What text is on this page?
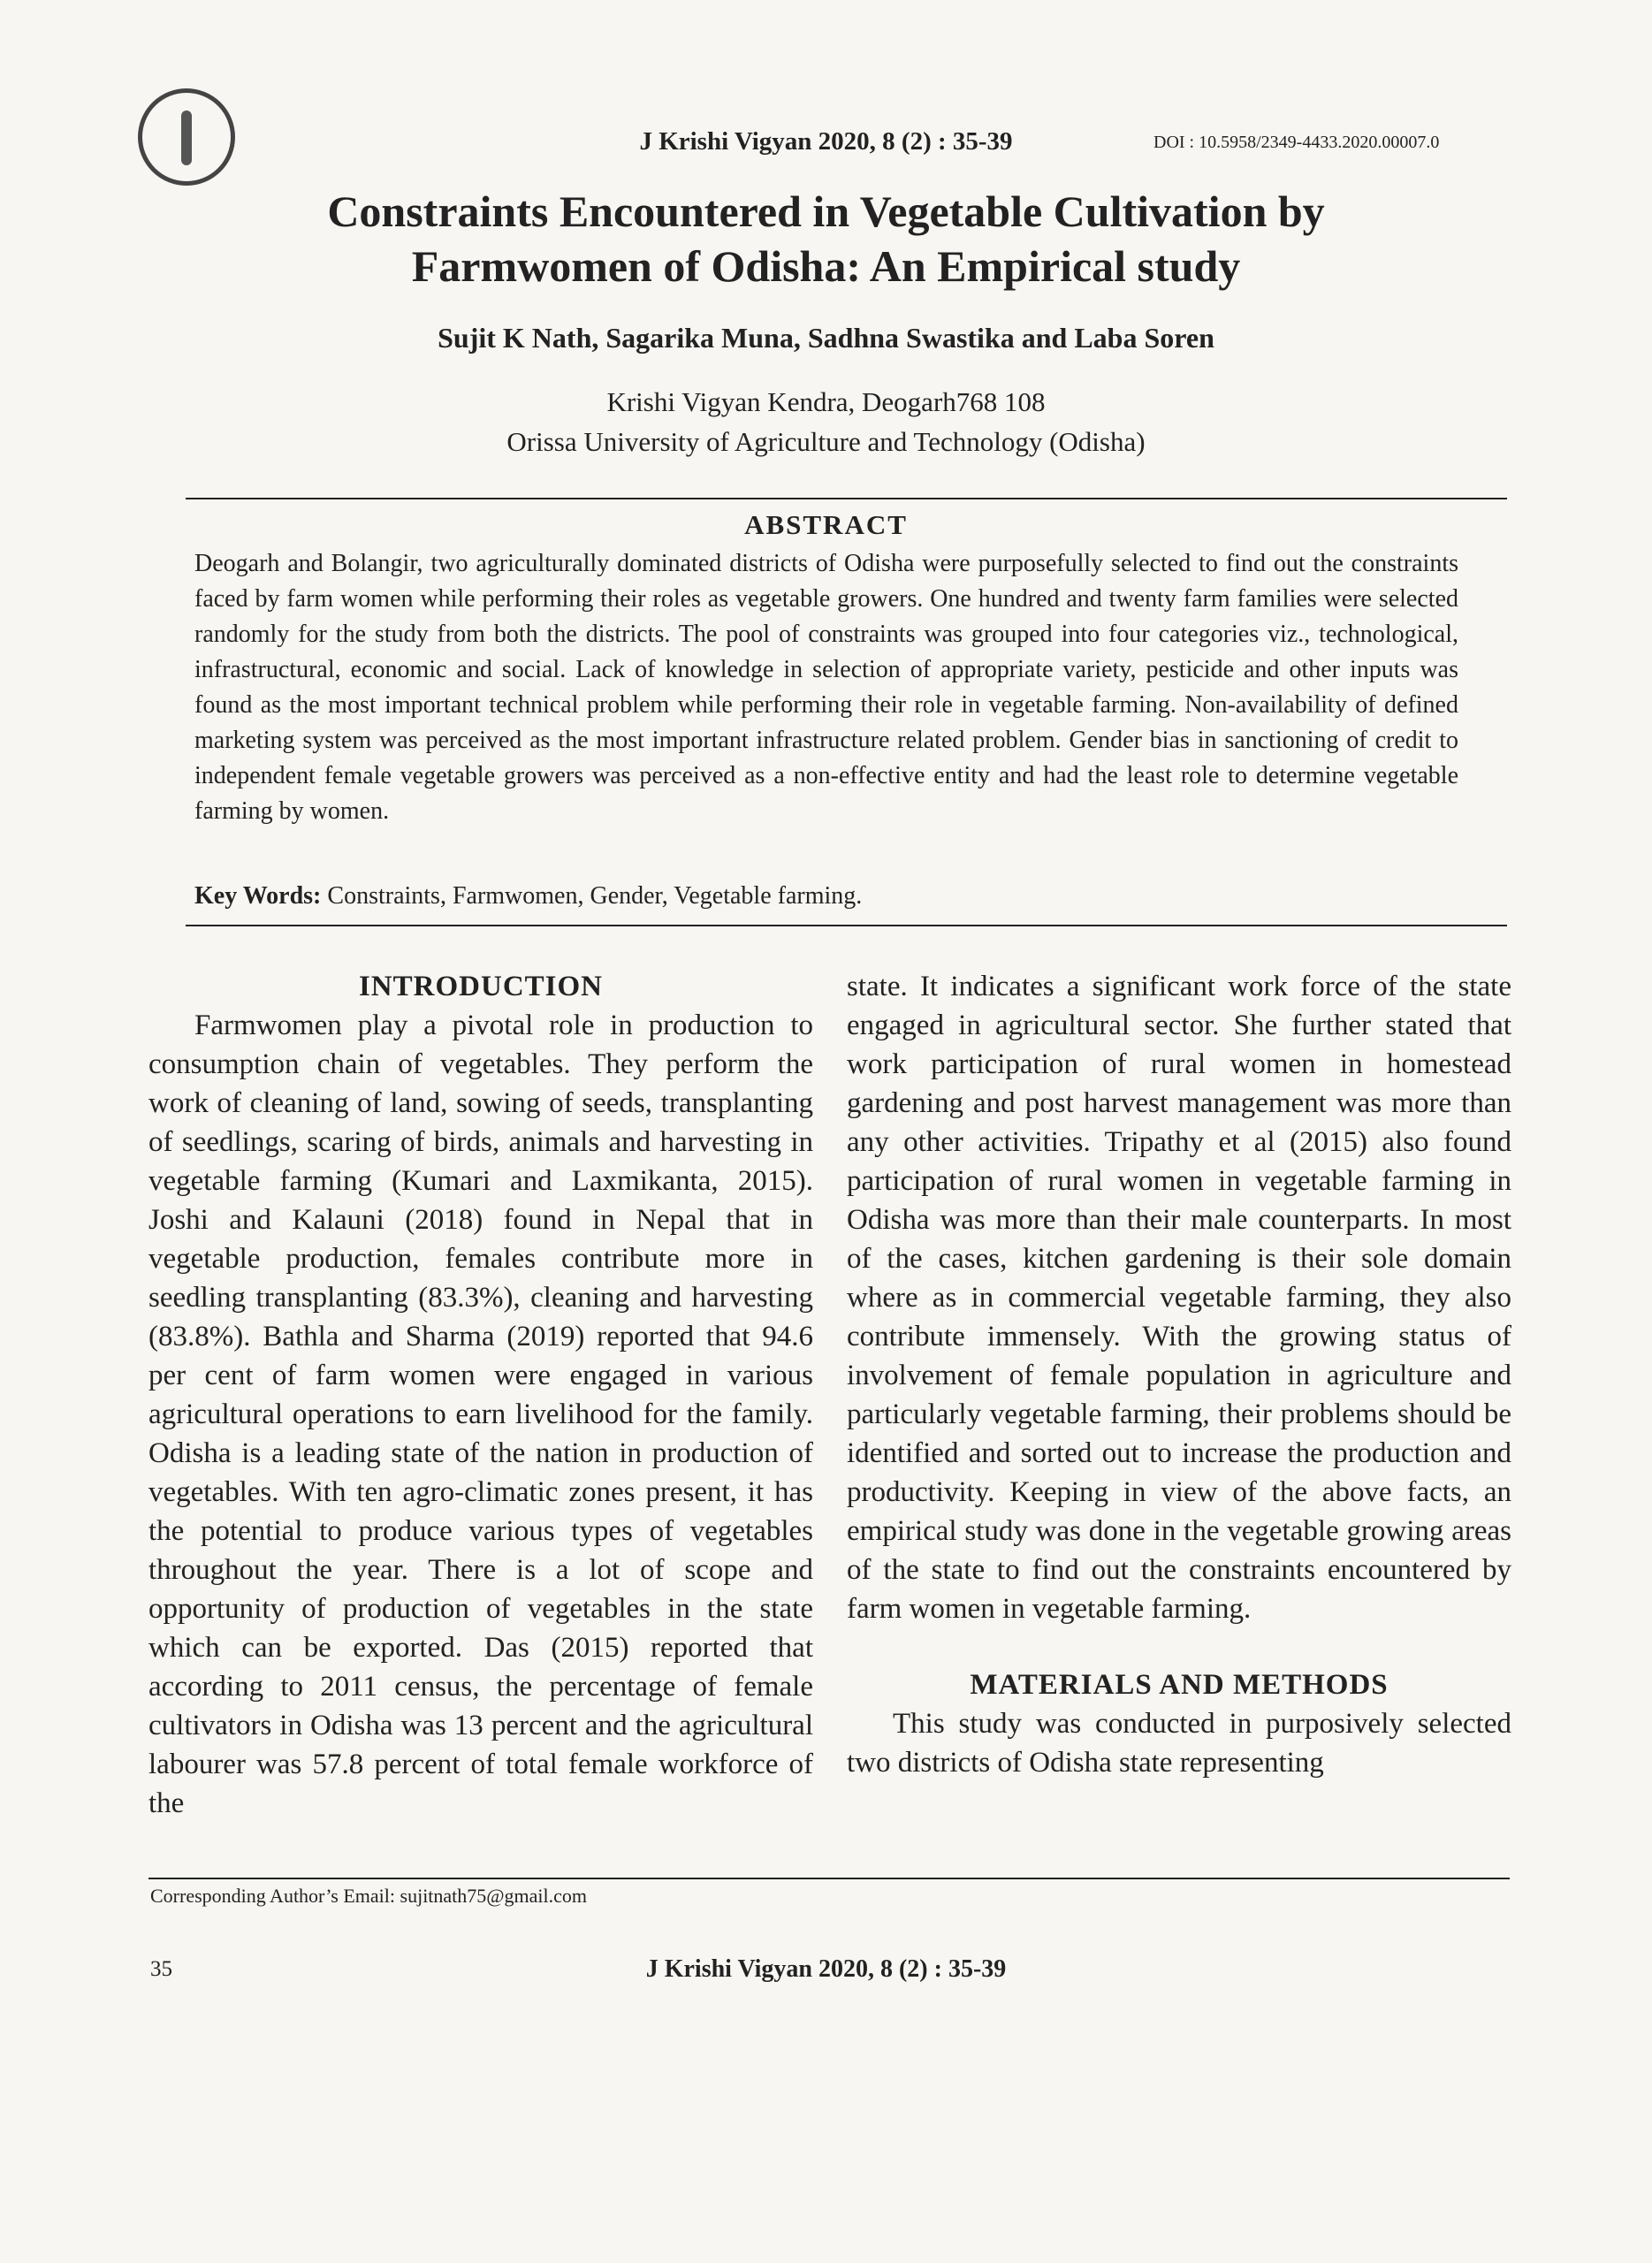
J Krishi Vigyan 2020, 8 (2) : 35-39	DOI : 10.5958/2349-4433.2020.00007.0
Constraints Encountered in Vegetable Cultivation by
Farmwomen of Odisha: An Empirical study
Sujit K Nath, Sagarika Muna, Sadhna Swastika and Laba Soren
Krishi Vigyan Kendra, Deogarh768 108
Orissa University of Agriculture and Technology (Odisha)
ABSTRACT
Deogarh and Bolangir, two agriculturally dominated districts of Odisha were purposefully selected to find out the constraints faced by farm women while performing their roles as vegetable growers. One hundred and twenty farm families were selected randomly for the study from both the districts. The pool of constraints was grouped into four categories viz., technological, infrastructural, economic and social. Lack of knowledge in selection of appropriate variety, pesticide and other inputs was found as the most important technical problem while performing their role in vegetable farming. Non-availability of defined marketing system was perceived as the most important infrastructure related problem. Gender bias in sanctioning of credit to independent female vegetable growers was perceived as a non-effective entity and had the least role to determine vegetable farming by women.
Key Words: Constraints, Farmwomen, Gender, Vegetable farming.
INTRODUCTION

Farmwomen play a pivotal role in production to consumption chain of vegetables. They perform the work of cleaning of land, sowing of seeds, transplanting of seedlings, scaring of birds, animals and harvesting in vegetable farming (Kumari and Laxmikanta, 2015). Joshi and Kalauni (2018) found in Nepal that in vegetable production, females contribute more in seedling transplanting (83.3%), cleaning and harvesting (83.8%). Bathla and Sharma (2019) reported that 94.6 per cent of farm women were engaged in various agricultural operations to earn livelihood for the family. Odisha is a leading state of the nation in production of vegetables. With ten agro-climatic zones present, it has the potential to produce various types of vegetables throughout the year. There is a lot of scope and opportunity of production of vegetables in the state which can be exported. Das (2015) reported that according to 2011 census, the percentage of female cultivators in Odisha was 13 percent and the agricultural labourer was 57.8 percent of total female workforce of the

state. It indicates a significant work force of the state engaged in agricultural sector. She further stated that work participation of rural women in homestead gardening and post harvest management was more than any other activities. Tripathy et al (2015) also found participation of rural women in vegetable farming in Odisha was more than their male counterparts. In most of the cases, kitchen gardening is their sole domain where as in commercial vegetable farming, they also contribute immensely. With the growing status of involvement of female population in agriculture and particularly vegetable farming, their problems should be identified and sorted out to increase the production and productivity. Keeping in view of the above facts, an empirical study was done in the vegetable growing areas of the state to find out the constraints encountered by farm women in vegetable farming.

MATERIALS AND METHODS

This study was conducted in purposively selected two districts of Odisha state representing

Corresponding Author’s Email: sujitnath75@gmail.com
35	J Krishi Vigyan 2020, 8 (2) : 35-39
